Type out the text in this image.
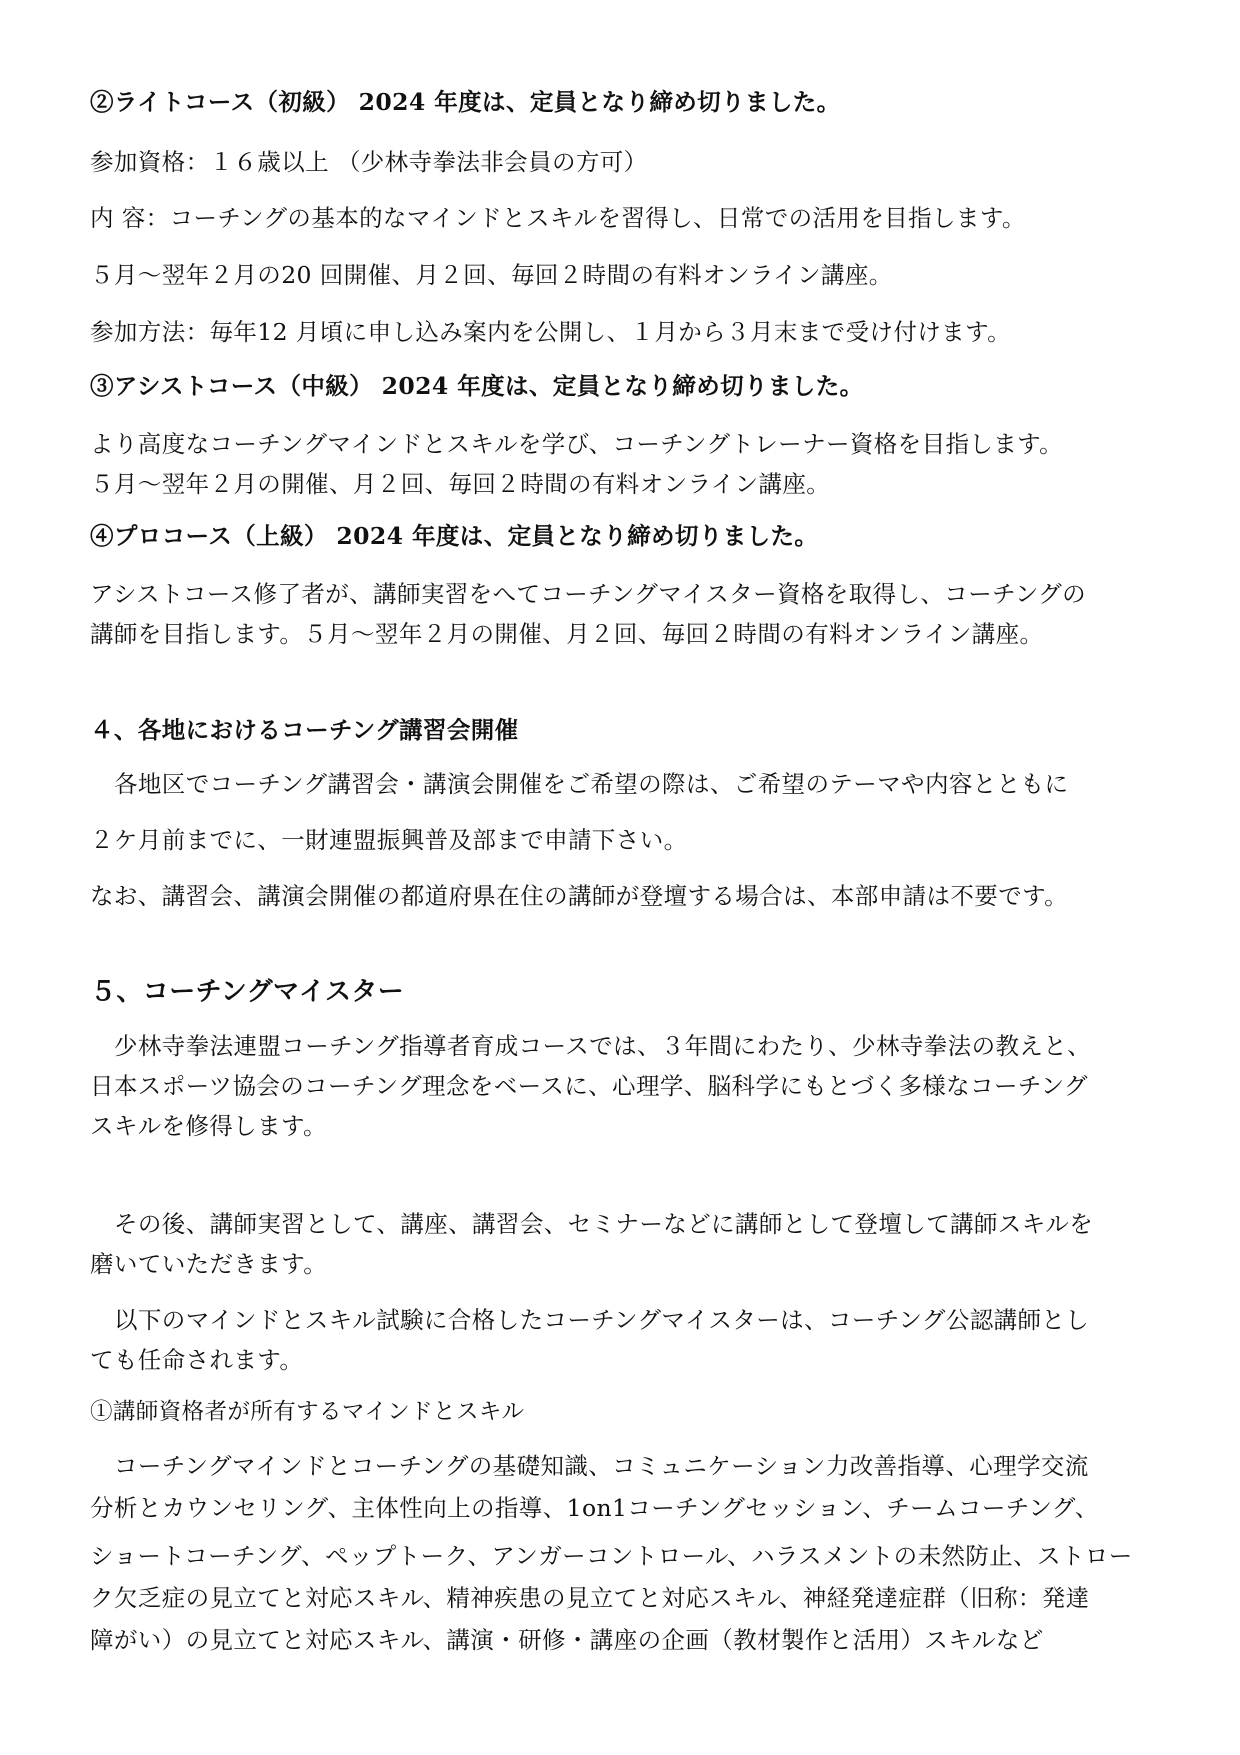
②ライトコース（初級） 2024 年度は、定員となり締め切りました。
参加資格：１６歳以上 （少林寺拳法非会員の方可）
内 容：コーチングの基本的なマインドとスキルを習得し、日常での活用を目指します。
５月～翌年２月の20 回開催、月２回、毎回２時間の有料オンライン講座。
参加方法：毎年12 月頃に申し込み案内を公開し、１月から３月末まで受け付けます。
③アシストコース（中級） 2024 年度は、定員となり締め切りました。
より高度なコーチングマインドとスキルを学び、コーチングトレーナー資格を目指します。
５月～翌年２月の開催、月２回、毎回２時間の有料オンライン講座。
④プロコース（上級） 2024 年度は、定員となり締め切りました。
アシストコース修了者が、講師実習をへてコーチングマイスター資格を取得し、コーチングの
講師を目指します。５月～翌年２月の開催、月２回、毎回２時間の有料オンライン講座。
４、各地におけるコーチング講習会開催
各地区でコーチング講習会・講演会開催をご希望の際は、ご希望のテーマや内容とともに
２ケ月前までに、一財連盟振興普及部まで申請下さい。
なお、講習会、講演会開催の都道府県在住の講師が登壇する場合は、本部申請は不要です。
５、コーチングマイスター
少林寺拳法連盟コーチング指導者育成コースでは、３年間にわたり、少林寺拳法の教えと、
日本スポーツ協会のコーチング理念をベースに、心理学、脳科学にもとづく多様なコーチング
スキルを修得します。
その後、講師実習として、講座、講習会、セミナーなどに講師として登壇して講師スキルを
磨いていただきます。
以下のマインドとスキル試験に合格したコーチングマイスターは、コーチング公認講師とし
ても任命されます。
①講師資格者が所有するマインドとスキル
コーチングマインドとコーチングの基礎知識、コミュニケーション力改善指導、心理学交流
分析とカウンセリング、主体性向上の指導、1on1コーチングセッション、チームコーチング、
ショートコーチング、ペップトーク、アンガーコントロール、ハラスメントの未然防止、ストロー
ク欠乏症の見立てと対応スキル、精神疾患の見立てと対応スキル、神経発達症群（旧称：発達
障がい）の見立てと対応スキル、講演・研修・講座の企画（教材製作と活用）スキルなど
